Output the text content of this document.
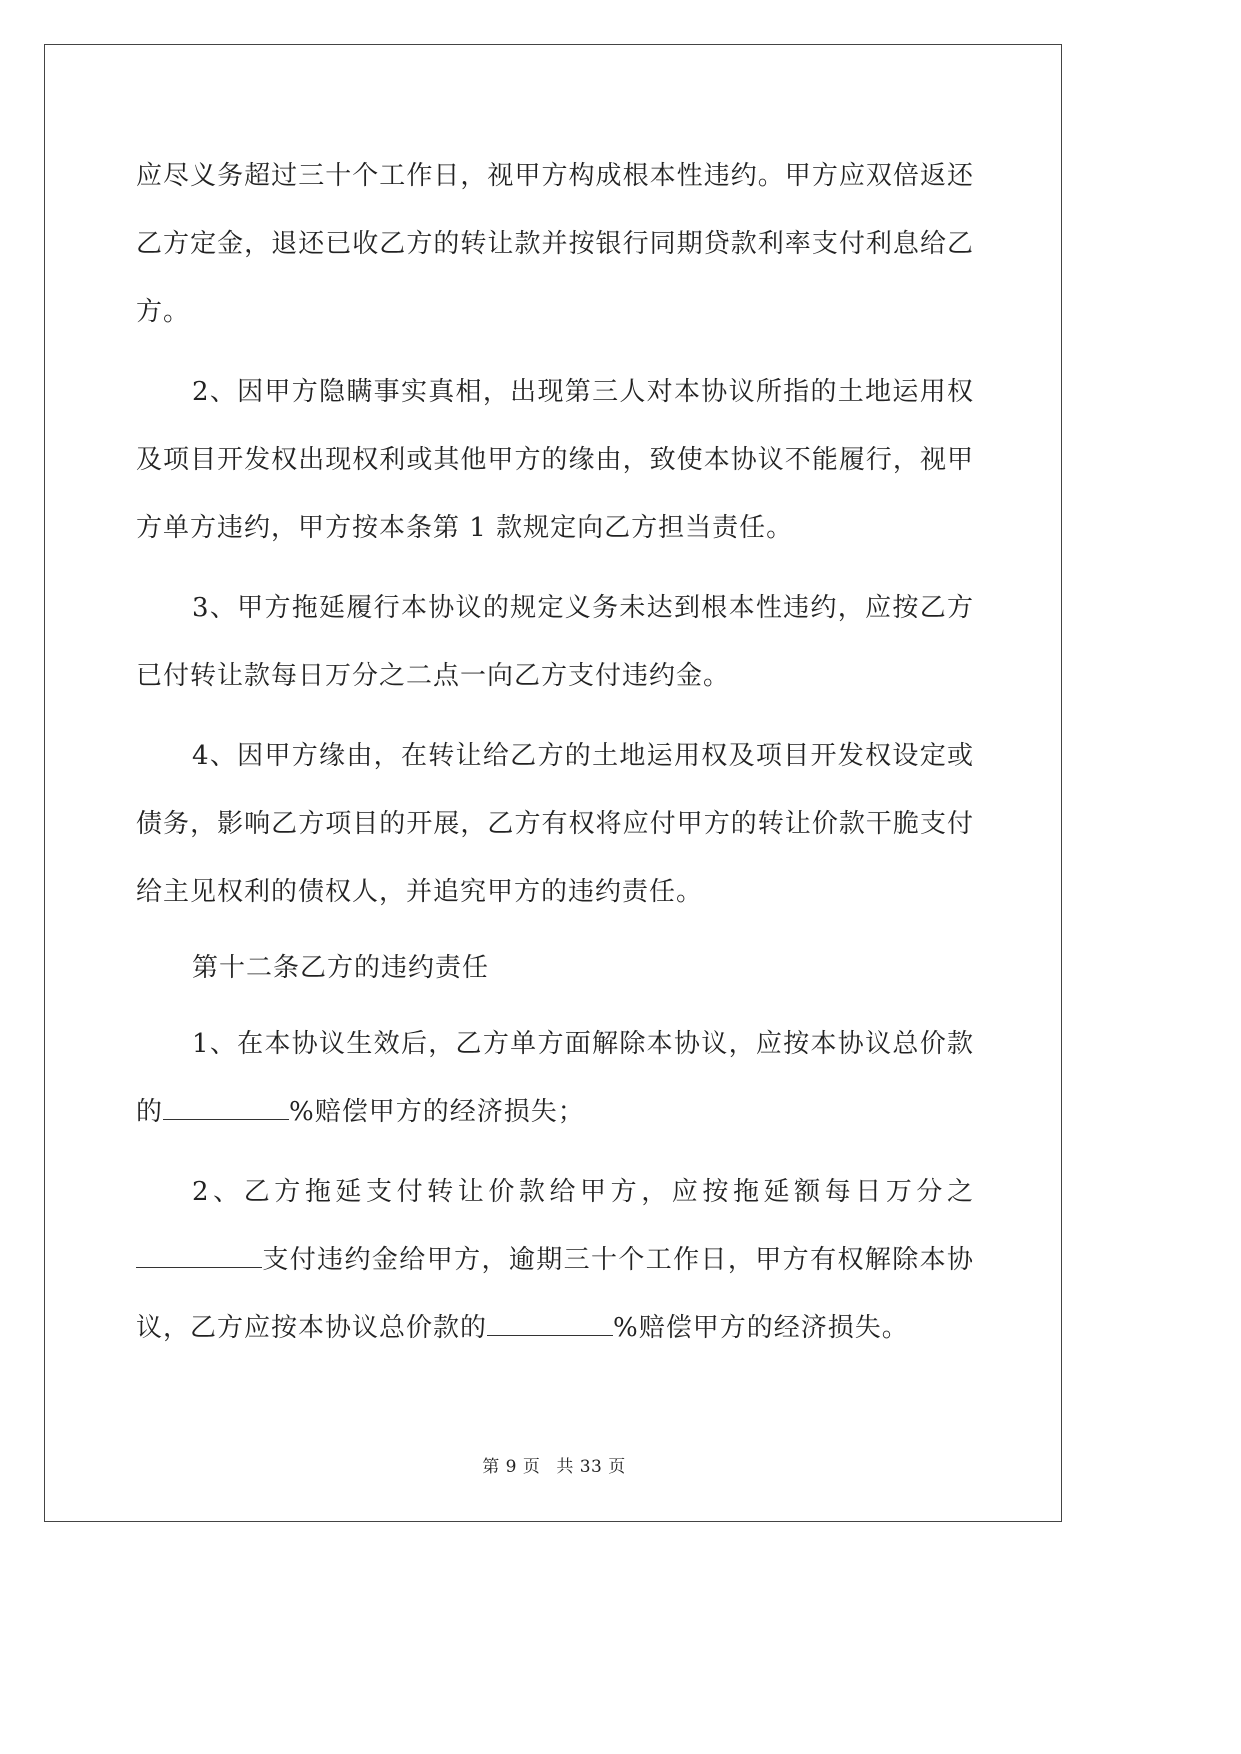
应尽义务超过三十个工作日，视甲方构成根本性违约。甲方应双倍返还乙方定金，退还已收乙方的转让款并按银行同期贷款利率支付利息给乙方。

2、因甲方隐瞒事实真相，出现第三人对本协议所指的土地运用权及项目开发权出现权利或其他甲方的缘由，致使本协议不能履行，视甲方单方违约，甲方按本条第 1 款规定向乙方担当责任。

3、甲方拖延履行本协议的规定义务未达到根本性违约，应按乙方已付转让款每日万分之二点一向乙方支付违约金。

4、因甲方缘由，在转让给乙方的土地运用权及项目开发权设定或债务，影响乙方项目的开展，乙方有权将应付甲方的转让价款干脆支付给主见权利的债权人，并追究甲方的违约责任。

第十二条乙方的违约责任

1、在本协议生效后，乙方单方面解除本协议，应按本协议总价款的	%赔偿甲方的经济损失；

2、乙方拖延支付转让价款给甲方，应按拖延额每日万分之支付违约金给甲方，逾期三十个工作日，甲方有权解除本协议，乙方应按本协议总价款的	%赔偿甲方的经济损失。

第 9 页 共 33 页
